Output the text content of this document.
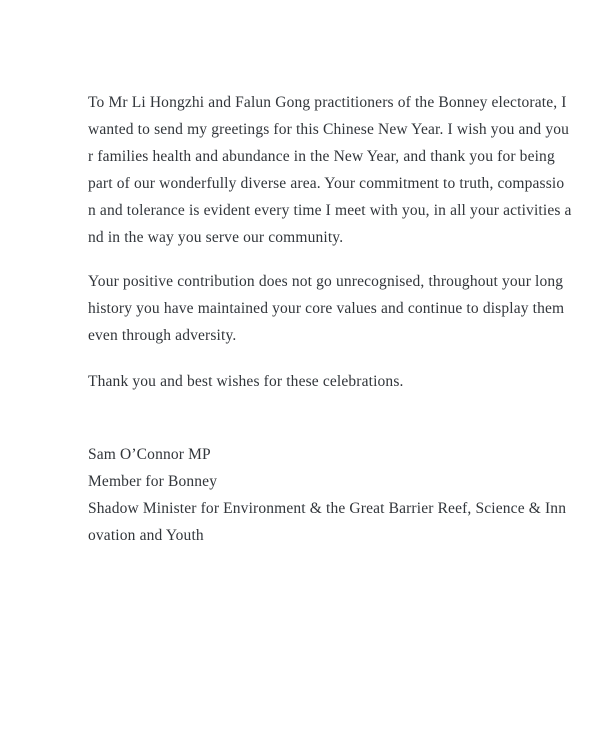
To Mr Li Hongzhi and Falun Gong practitioners of the Bonney electorate, I
wanted to send my greetings for this Chinese New Year. I wish you and you
r families health and abundance in the New Year, and thank you for being
part of our wonderfully diverse area. Your commitment to truth, compassio
n and tolerance is evident every time I meet with you, in all your activities a
nd in the way you serve our community.
Your positive contribution does not go unrecognised, throughout your long
history you have maintained your core values and continue to display them
even through adversity.
Thank you and best wishes for these celebrations.
Sam O’Connor MP
Member for Bonney
Shadow Minister for Environment & the Great Barrier Reef, Science & Inn
ovation and Youth
